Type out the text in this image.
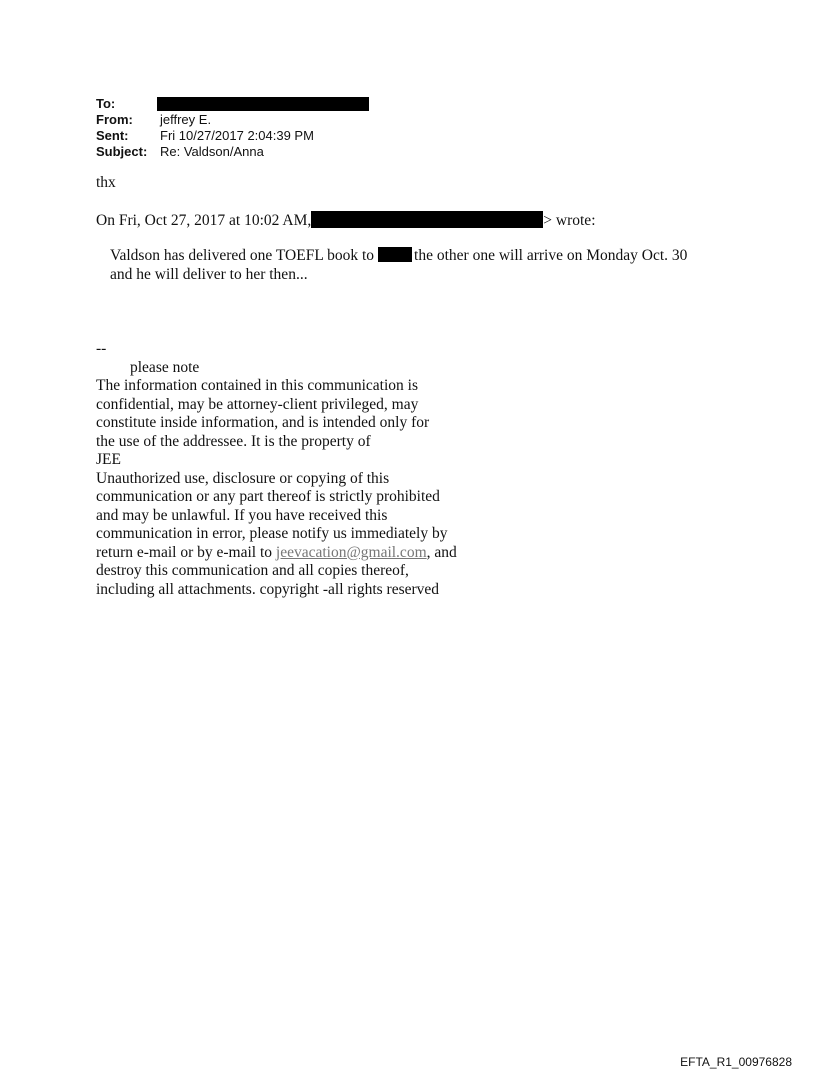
To:
From: jeffrey E.
Sent: Fri 10/27/2017 2:04:39 PM
Subject: Re: Valdson/Anna
thx
On Fri, Oct 27, 2017 at 10:02 AM,	> wrote:
Valdson has delivered one TOEFL book to	the other one will arrive on Monday Oct. 30
and he will deliver to her then...
--
please note
The information contained in this communication is
confidential, may be attorney-client privileged, may
constitute inside information, and is intended only for
the use of the addressee. It is the property of
JEE
Unauthorized use, disclosure or copying of this
communication or any part thereof is strictly prohibited
and may be unlawful. If you have received this
communication in error, please notify us immediately by
return e-mail or by e-mail to jeevacation@gmail.com, and
destroy this communication and all copies thereof,
including all attachments. copyright -all rights reserved
EFTA_R1_00976828
